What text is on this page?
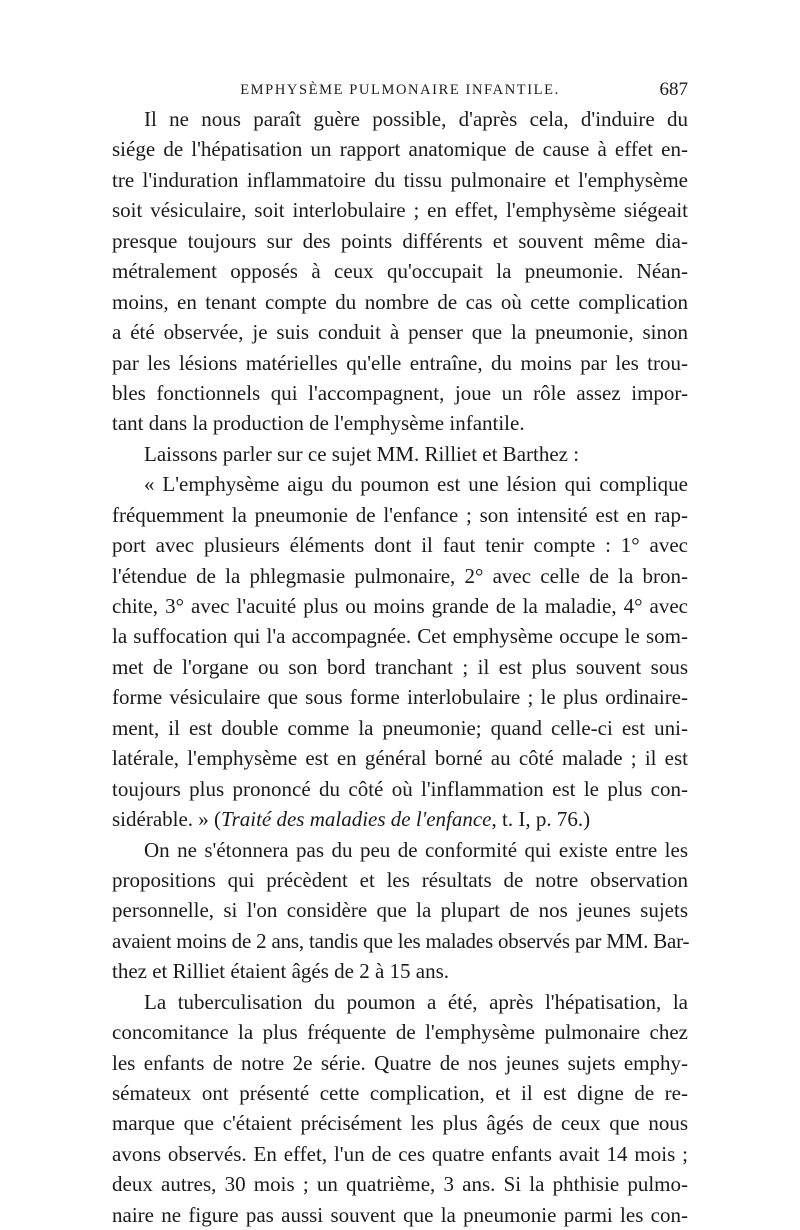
EMPHYSÈME PULMONAIRE INFANTILE.	687
Il ne nous paraît guère possible, d'après cela, d'induire du
siége de l'hépatisation un rapport anatomique de cause à effet en-
tre l'induration inflammatoire du tissu pulmonaire et l'emphysème
soit vésiculaire, soit interlobulaire ; en effet, l'emphysème siégeait
presque toujours sur des points différents et souvent même dia-
métralement opposés à ceux qu'occupait la pneumonie. Néan-
moins, en tenant compte du nombre de cas où cette complication
a été observée, je suis conduit à penser que la pneumonie, sinon
par les lésions matérielles qu'elle entraîne, du moins par les trou-
bles fonctionnels qui l'accompagnent, joue un rôle assez impor-
tant dans la production de l'emphysème infantile.
Laissons parler sur ce sujet MM. Rilliet et Barthez :
« L'emphysème aigu du poumon est une lésion qui complique
fréquemment la pneumonie de l'enfance ; son intensité est en rap-
port avec plusieurs éléments dont il faut tenir compte : 1° avec
l'étendue de la phlegmasie pulmonaire, 2° avec celle de la bron-
chite, 3° avec l'acuité plus ou moins grande de la maladie, 4° avec
la suffocation qui l'a accompagnée. Cet emphysème occupe le som-
met de l'organe ou son bord tranchant ; il est plus souvent sous
forme vésiculaire que sous forme interlobulaire ; le plus ordinaire-
ment, il est double comme la pneumonie; quand celle-ci est uni-
latérale, l'emphysème est en général borné au côté malade ; il est
toujours plus prononcé du côté où l'inflammation est le plus con-
sidérable. » (Traité des maladies de l'enfance, t. I, p. 76.)
On ne s'étonnera pas du peu de conformité qui existe entre les
propositions qui précèdent et les résultats de notre observation
personnelle, si l'on considère que la plupart de nos jeunes sujets
avaient moins de 2 ans, tandis que les malades observés par MM. Bar-
thez et Rilliet étaient âgés de 2 à 15 ans.
La tuberculisation du poumon a été, après l'hépatisation, la
concomitance la plus fréquente de l'emphysème pulmonaire chez
les enfants de notre 2e série. Quatre de nos jeunes sujets emphy-
sémateux ont présenté cette complication, et il est digne de re-
marque que c'étaient précisément les plus âgés de ceux que nous
avons observés. En effet, l'un de ces quatre enfants avait 14 mois ;
deux autres, 30 mois ; un quatrième, 3 ans. Si la phthisie pulmo-
naire ne figure pas aussi souvent que la pneumonie parmi les con-
